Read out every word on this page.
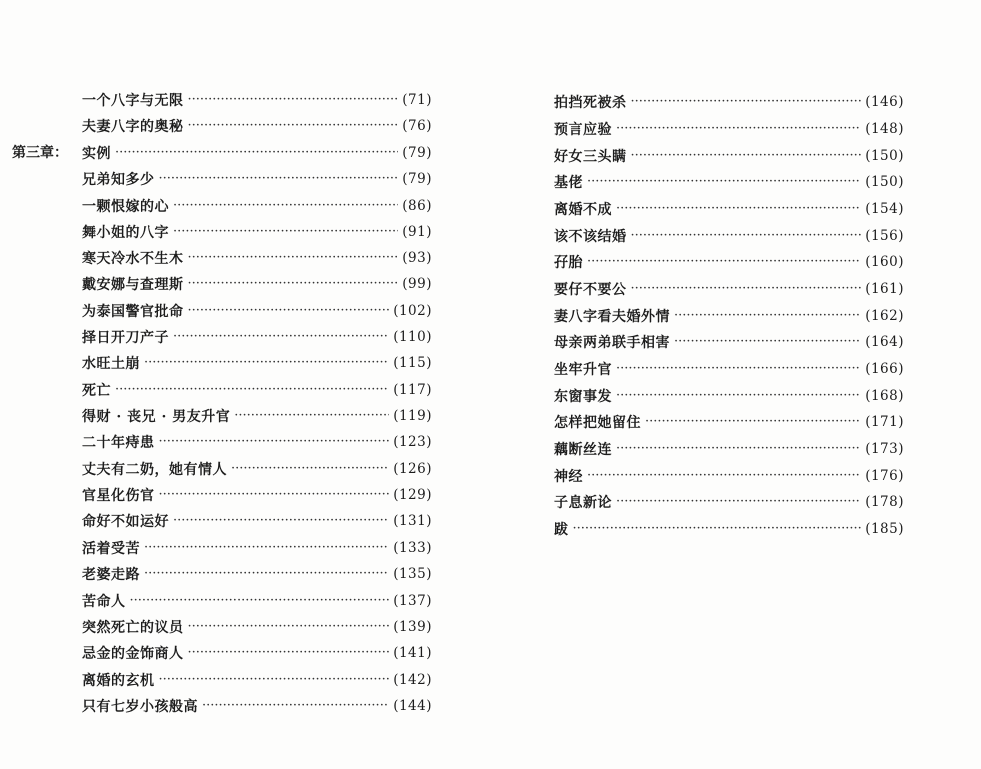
一个八字与无限 ·····	(71)
夫妻八字的奥秘 ·····	(76)
第三章： 实例 ·····	(79)
兄弟知多少 ·····	(79)
一颗恨嫁的心 ·····	(86)
舞小姐的八字 ·····	(91)
寒天冷水不生木 ·····	(93)
戴安娜与查理斯 ·····	(99)
为泰国警官批命 ·····	(102)
择日开刀产子 ·····	(110)
水旺土崩 ·····	(115)
死亡 ·····	(117)
得财 · 丧兄 · 男友升官 ·····	(119)
二十年痔患 ·····	(123)
丈夫有二奶，她有情人 ·····	(126)
官星化伤官 ·····	(129)
命好不如运好 ·····	(131)
活着受苦 ·····	(133)
老婆走路 ·····	(135)
苦命人 ·····	(137)
突然死亡的议员 ·····	(139)
忌金的金饰商人 ·····	(141)
离婚的玄机 ·····	(142)
只有七岁小孩般高 ·····	(144)
拍挡死被杀 ·····	(146)
预言应验 ·····	(148)
好女三头瞒 ·····	(150)
基佬 ·····	(150)
离婚不成 ·····	(154)
该不该结婚 ·····	(156)
孖胎 ·····	(160)
要仔不要公 ·····	(161)
妻八字看夫婚外情 ·····	(162)
母亲两弟联手相害 ·····	(164)
坐牢升官 ·····	(166)
东窗事发 ·····	(168)
怎样把她留住 ·····	(171)
藕断丝连 ·····	(173)
神经 ·····	(176)
子息新论 ·····	(178)
跋 ·····	(185)
